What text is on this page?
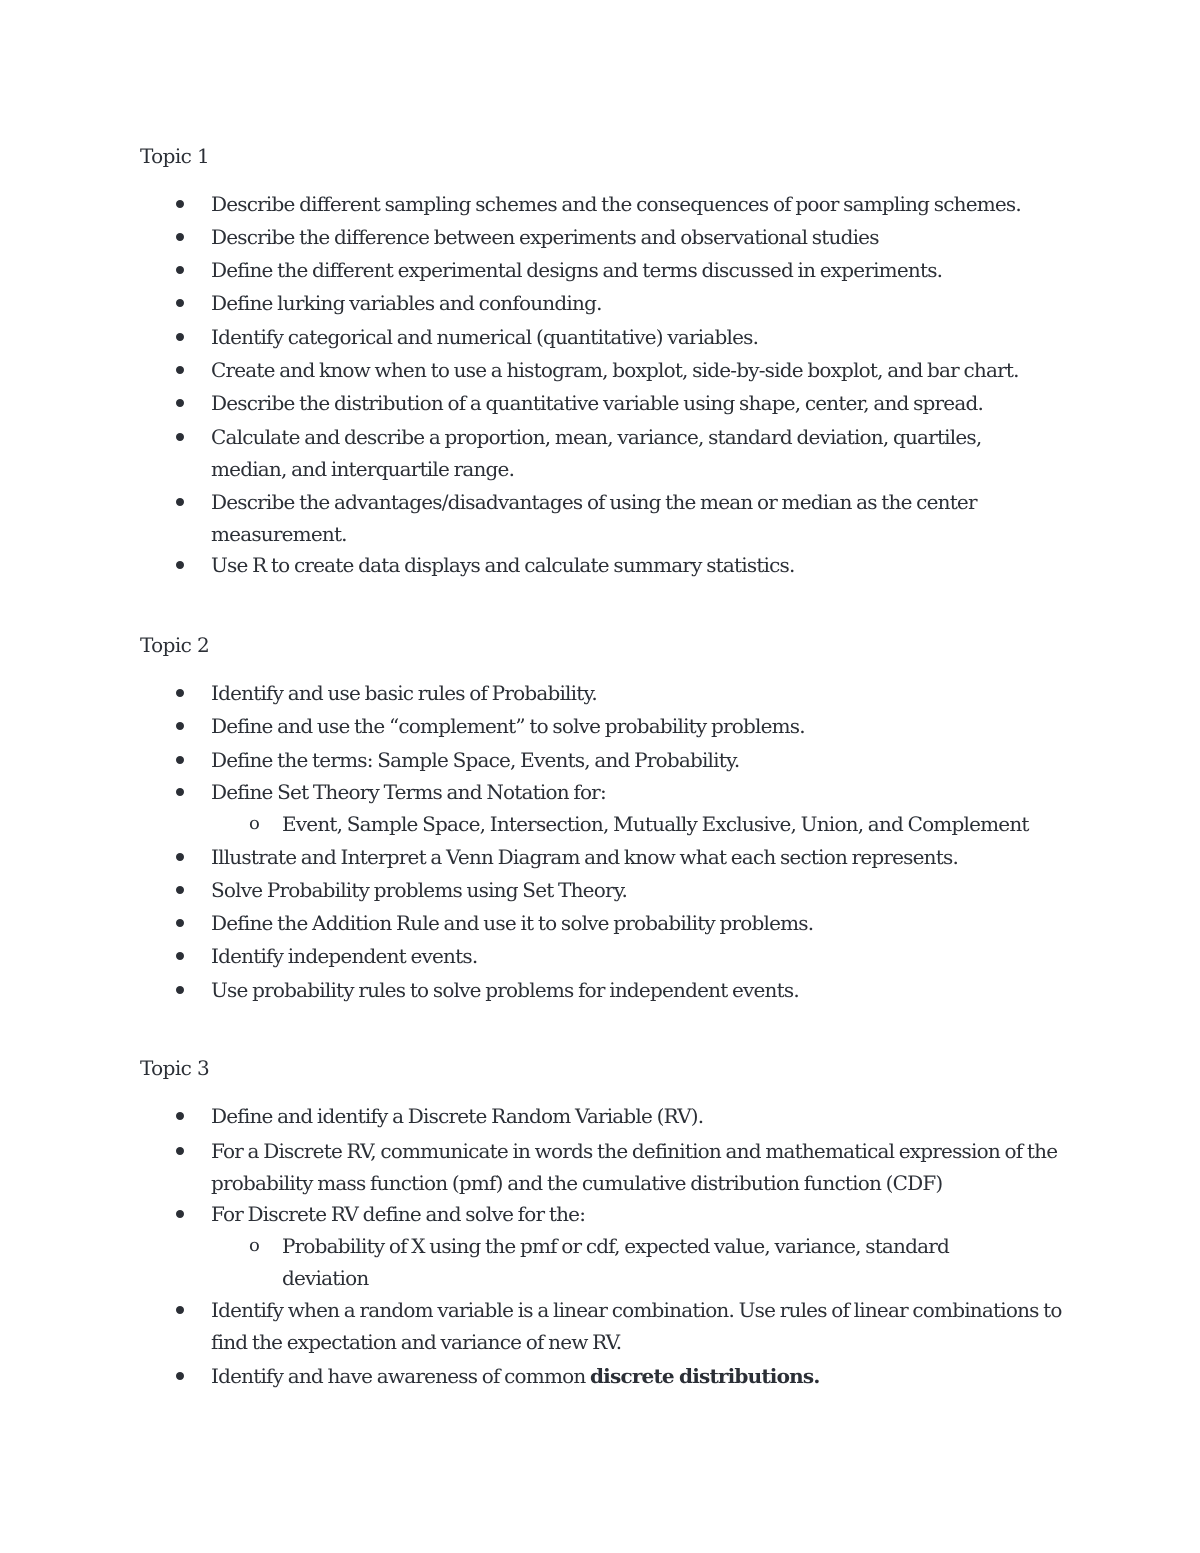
Topic 1
Describe different sampling schemes and the consequences of poor sampling schemes.
Describe the difference between experiments and observational studies
Define the different experimental designs and terms discussed in experiments.
Define lurking variables and confounding.
Identify categorical and numerical (quantitative) variables.
Create and know when to use a histogram, boxplot, side-by-side boxplot, and bar chart.
Describe the distribution of a quantitative variable using shape, center, and spread.
Calculate and describe a proportion, mean, variance, standard deviation, quartiles, median, and interquartile range.
Describe the advantages/disadvantages of using the mean or median as the center measurement.
Use R to create data displays and calculate summary statistics.
Topic 2
Identify and use basic rules of Probability.
Define and use the “complement” to solve probability problems.
Define the terms: Sample Space, Events, and Probability.
Define Set Theory Terms and Notation for:
o Event, Sample Space, Intersection, Mutually Exclusive, Union, and Complement
Illustrate and Interpret a Venn Diagram and know what each section represents.
Solve Probability problems using Set Theory.
Define the Addition Rule and use it to solve probability problems.
Identify independent events.
Use probability rules to solve problems for independent events.
Topic 3
Define and identify a Discrete Random Variable (RV).
For a Discrete RV, communicate in words the definition and mathematical expression of the probability mass function (pmf) and the cumulative distribution function (CDF)
For Discrete RV define and solve for the:
o Probability of X using the pmf or cdf, expected value, variance, standard deviation
Identify when a random variable is a linear combination. Use rules of linear combinations to find the expectation and variance of new RV.
Identify and have awareness of common discrete distributions.
